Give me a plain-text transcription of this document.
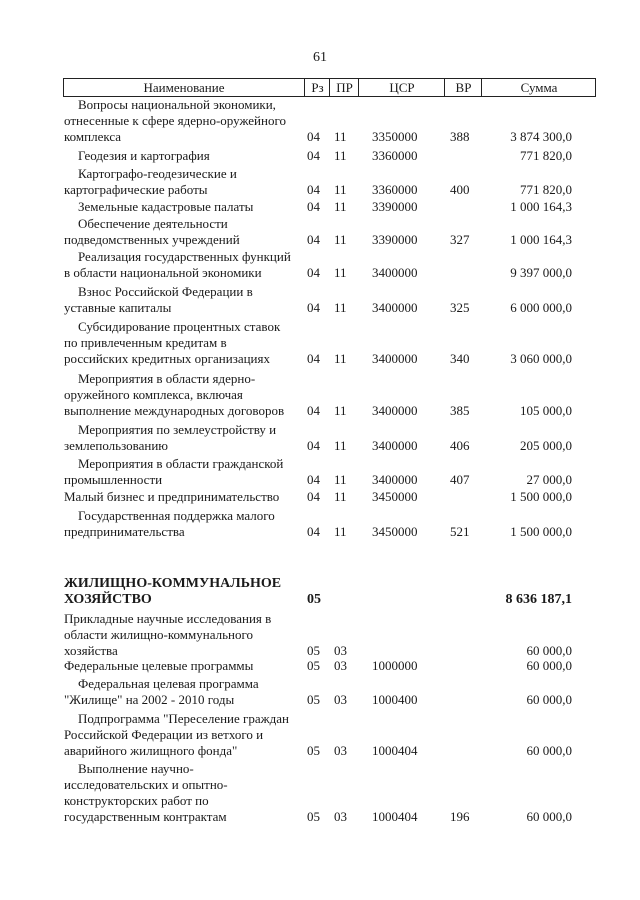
61
Наименование	Рз ПР	ЦСР	ВР	Сумма
Вопросы национальной экономики,
отнесенные к сфере ядерно-оружейного
комплекса	04 11 3350000	388	3 874 300,0
Геодезия и картография	04 11 3360000	771 820,0
Картографо-геодезические и
картографические работы	04 11 3360000	400	771 820,0
Земельные кадастровые палаты	04 11 3390000	1 000 164,3
Обеспечение деятельности
подведомственных учреждений	04 11 3390000	327	1 000 164,3
Реализация государственных функций
в области национальной экономики	04 11 3400000	9 397 000,0
Взнос Российской Федерации в
уставные капиталы	04 11 3400000	325	6 000 000,0
Субсидирование процентных ставок
по привлеченным кредитам в
российских кредитных организациях	04 11 3400000	340	3 060 000,0
Мероприятия в области ядерно-
оружейного комплекса, включая
выполнение международных договоров	04 11 3400000	385	105 000,0
Мероприятия по землеустройству и
землепользованию	04 11 3400000	406	205 000,0
Мероприятия в области гражданской
промышленности	04 11 3400000	407	27 000,0
Малый бизнес и предпринимательство	04 11 3450000	1 500 000,0
Государственная поддержка малого
предпринимательства	04 11 3450000	521	1 500 000,0
ЖИЛИЩНО-КОММУНАЛЬНОЕ
ХОЗЯЙСТВО	05	8 636 187,1
Прикладные научные исследования в
области жилищно-коммунального
хозяйства	05 03	60 000,0
Федеральные целевые программы	05 03 1000000	60 000,0
Федеральная целевая программа
"Жилище" на 2002 - 2010 годы	05 03 1000400	60 000,0
Подпрограмма "Переселение граждан
Российской Федерации из ветхого и
аварийного жилищного фонда"	05 03 1000404	60 000,0
Выполнение научно-
исследовательских и опытно-
конструкторских работ по
государственным контрактам	05 03 1000404	196	60 000,0
